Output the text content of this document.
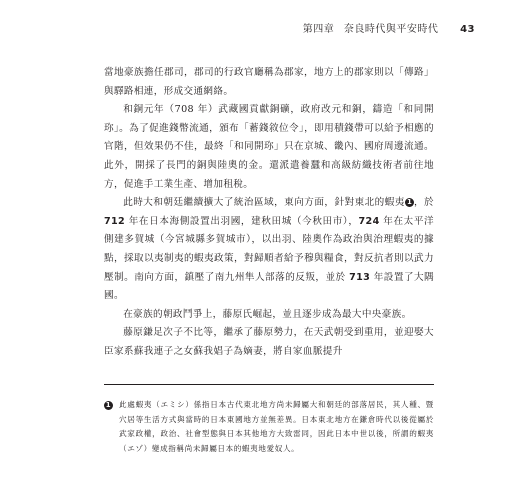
第四章 奈良時代與平安時代 43

當地豪族擔任郡司，郡司的行政官廳稱為郡家，地方上的郡家則以「傳路」與驛路相連，形成交通網絡。

和銅元年（708 年）武藏國貢獻銅礦，政府改元和銅，鑄造「和同開珎」。為了促進錢幣流通，頒布「蓄錢敘位令」，即用積錢帶可以給予相應的官階，但效果仍不佳，最終「和同開珎」只在京城、畿內、國府周邊流通。此外，開採了長門的銅與陸奧的金。還派遣養蠶和高級紡織技術者前往地方，促進手工業生產、增加租稅。

此時大和朝廷繼續擴大了統治區域，東向方面，針對東北的蝦夷 1 ，於 712 年在日本海側設置出羽國，建秋田城（今秋田市），724 年在太平洋側建多賀城（今宮城縣多賀城市），以出羽、陸奧作為政治與治理蝦夷的據點，採取以夷制夷的蝦夷政策，對歸順者給予穆與糧食，對反抗者則以武力壓制。南向方面，鎮壓了南九州隼人部落的反叛，並於 713 年設置了大隅國。

在豪族的朝政鬥爭上，藤原氏崛起，並且逐步成為最大中央豪族。

藤原鎌足次子不比等，繼承了藤原勢力，在天武朝受到重用，並迎娶大臣家系蘇我連子之女蘇我娼子為嫡妻，將自家血脈提升

1 此處蝦夷（エミシ）係指日本古代東北地方尚未歸屬大和朝廷的部落居民，其人種、暨穴居等生活方式與當時的日本東國地方並無差異。日本東北地方在鎌倉時代以後從屬於武家政權，政治、社會型態與日本其他地方大致雷同，因此日本中世以後，所謂的蝦夷（エゾ）變成指稱尚未歸屬日本的蝦夷地愛奴人。
